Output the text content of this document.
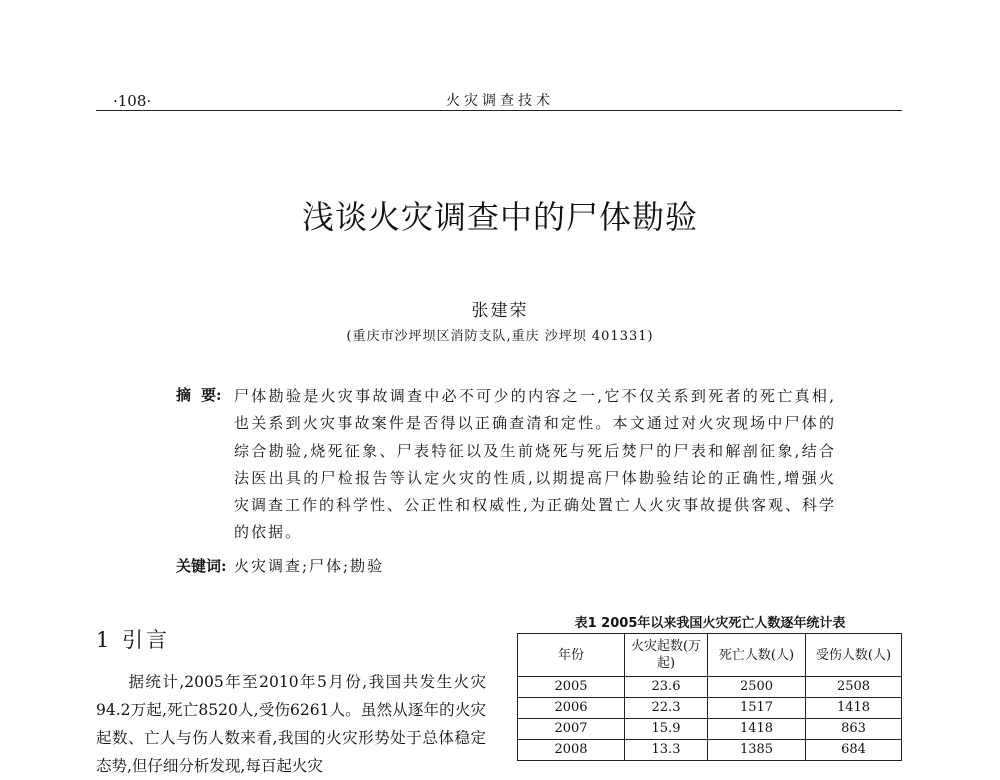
·108·	火灾调查技术
浅谈火灾调查中的尸体勘验
张建荣
(重庆市沙坪坝区消防支队,重庆 沙坪坝 401331)
摘要: 尸体勘验是火灾事故调查中必不可少的内容之一,它不仅关系到死者的死亡真相,也关系到火灾事故案件是否得以正确查清和定性。本文通过对火灾现场中尸体的综合勘验,烧死征象、尸表特征以及生前烧死与死后焚尸的尸表和解剖征象,结合法医出具的尸检报告等认定火灾的性质,以期提高尸体勘验结论的正确性,增强火灾调查工作的科学性、公正性和权威性,为正确处置亡人火灾事故提供客观、科学的依据。
关键词: 火灾调查;尸体;勘验
1 引言
据统计,2005年至2010年5月份,我国共发生火灾94.2万起,死亡8520人,受伤6261人。虽然从逐年的火灾起数、亡人与伤人数来看,我国的火灾形势处于总体稳定态势,但仔细分析发现,每百起火灾
表1 2005年以来我国火灾死亡人数逐年统计表
年份	火灾起数(万起)	死亡人数(人)	受伤人数(人)
2005	23.6	2500	2508
2006	22.3	1517	1418
2007	15.9	1418	863
2008	13.3	1385	684
